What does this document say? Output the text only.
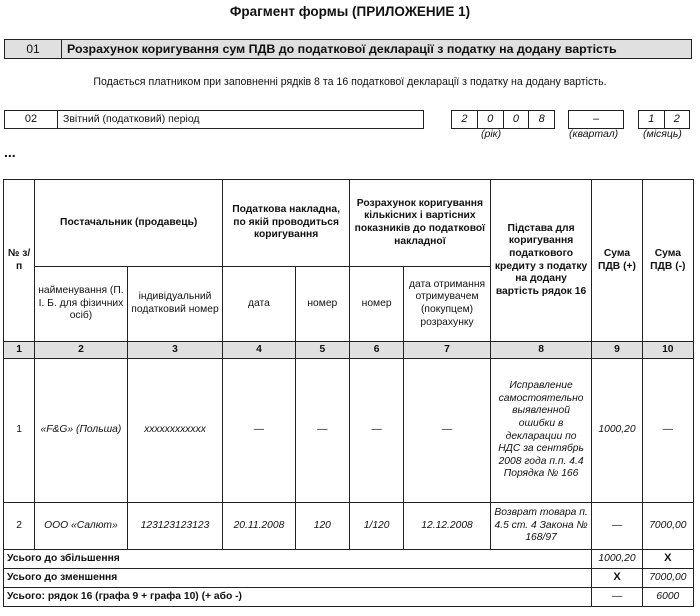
Фрагмент формы (ПРИЛОЖЕНИЕ 1)
01	Розрахунок коригування сум ПДВ до податкової декларації з податку на додану вартість
Подається платником при заповненні рядків 8 та 16 податкової декларації з податку на додану вартість.
02	Звітний (податковий) період	2	0	0	8
(рік)
–
(квартал)
1	2
(місяць)
...
№ з/п	Постачальник (продавець)		Податкова накладна, по якій проводиться коригування		Розрахунок коригування кількісних і вартісних показників до податкової накладної		Підстава для коригування податкового кредиту з податку на додану вартість рядок 16	Сума ПДВ (+)	Сума ПДВ (-)
	найменування (П. І. Б. для фізичних осіб)	індивідуальний податковий номер	дата	номер	номер	дата отримання отримувачем (покупцем) розрахунку			
1	2	3	4	5	6	7	8	9	10
1	«F&G» (Польша)	xxxxxxxxxxxx	—	—	—	—	Исправление самостоятельно выявленной ошибки в декларации по НДС за сентябрь 2008 года п.п. 4.4 Порядка № 166	1000,20	—
2	ООО «Салют»	123123123123	20.11.2008	120	1/120	12.12.2008	Возврат товара п. 4.5 ст. 4 Закона № 168/97	—	7000,00
Усього до збільшення								1000,20	X
Усього до зменшення								X	7000,00
Усього: рядок 16 (графа 9 + графа 10) (+ або -)								—	6000
